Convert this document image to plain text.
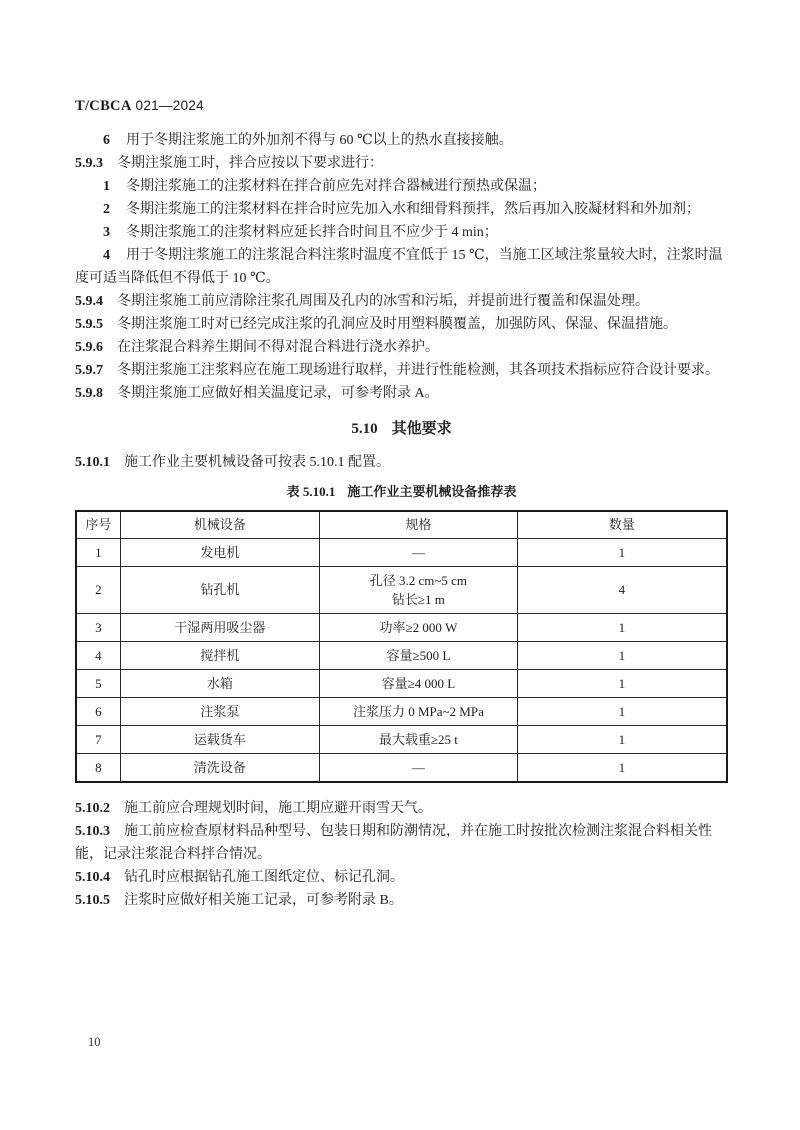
T/CBCA 021—2024

6 用于冬期注浆施工的外加剂不得与 60 ℃以上的热水直接接触。

5.9.3 冬期注浆施工时，拌合应按以下要求进行：

1 冬期注浆施工的注浆材料在拌合前应先对拌合器械进行预热或保温；

2 冬期注浆施工的注浆材料在拌合时应先加入水和细骨料预拌，然后再加入胶凝材料和外加剂；

3 冬期注浆施工的注浆材料应延长拌合时间且不应少于 4 min；

4 用于冬期注浆施工的注浆混合料注浆时温度不宜低于 15 ℃，当施工区域注浆量较大时，注浆时温度可适当降低但不得低于 10 ℃。

5.9.4 冬期注浆施工前应清除注浆孔周围及孔内的冰雪和污垢，并提前进行覆盖和保温处理。

5.9.5 冬期注浆施工时对已经完成注浆的孔洞应及时用塑料膜覆盖，加强防风、保湿、保温措施。

5.9.6 在注浆混合料养生期间不得对混合料进行浇水养护。

5.9.7 冬期注浆施工注浆料应在施工现场进行取样，并进行性能检测，其各项技术指标应符合设计要求。

5.9.8 冬期注浆施工应做好相关温度记录，可参考附录 A。

5.10 其他要求

5.10.1 施工作业主要机械设备可按表 5.10.1 配置。

表 5.10.1 施工作业主要机械设备推荐表
序号	机械设备	规格	数量
1	发电机	—	1
2	钻孔机	孔径 3.2 cm~5 cm
钻长≥1 m	4
3	干湿两用吸尘器	功率≥2 000 W	1
4	搅拌机	容量≥500 L	1
5	水箱	容量≥4 000 L	1
6	注浆泵	注浆压力 0 MPa~2 MPa	1
7	运载货车	最大载重≥25 t	1
8	清洗设备	—	1

5.10.2 施工前应合理规划时间，施工期应避开雨雪天气。

5.10.3 施工前应检查原材料品种型号、包装日期和防潮情况，并在施工时按批次检测注浆混合料相关性能，记录注浆混合料拌合情况。

5.10.4 钻孔时应根据钻孔施工图纸定位、标记孔洞。

5.10.5 注浆时应做好相关施工记录，可参考附录 B。

10
